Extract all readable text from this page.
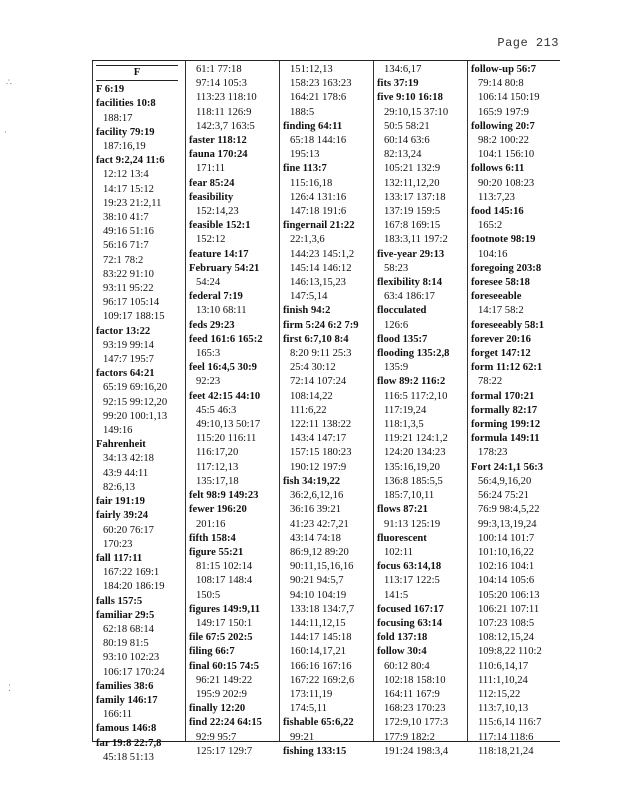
Page 213
∴
·
⁚
F
F 6:19
facilities 10:8
188:17
facility 79:19
187:16,19
fact 9:2,24 11:6
12:12 13:4
14:17 15:12
19:23 21:2,11
38:10 41:7
49:16 51:16
56:16 71:7
72:1 78:2
83:22 91:10
93:11 95:22
96:17 105:14
109:17 188:15
factor 13:22
93:19 99:14
147:7 195:7
factors 64:21
65:19 69:16,20
92:15 99:12,20
99:20 100:1,13
149:16
Fahrenheit
34:13 42:18
43:9 44:11
82:6,13
fair 191:19
fairly 39:24
60:20 76:17
170:23
fall 117:11
167:22 169:1
184:20 186:19
falls 157:5
familiar 29:5
62:18 68:14
80:19 81:5
93:10 102:23
106:17 170:24
families 38:6
family 146:17
166:11
famous 146:8
far 19:8 22:7,8
45:18 51:13
61:1 77:18
97:14 105:3
113:23 118:10
118:11 126:9
142:3,7 163:5
faster 118:12
fauna 170:24
171:11
fear 85:24
feasibility
152:14,23
feasible 152:1
152:12
feature 14:17
February 54:21
54:24
federal 7:19
13:10 68:11
feds 29:23
feed 161:6 165:2
165:3
feel 16:4,5 30:9
92:23
feet 42:15 44:10
45:5 46:3
49:10,13 50:17
115:20 116:11
116:17,20
117:12,13
135:17,18
felt 98:9 149:23
fewer 196:20
201:16
fifth 158:4
figure 55:21
81:15 102:14
108:17 148:4
150:5
figures 149:9,11
149:17 150:1
file 67:5 202:5
filing 66:7
final 60:15 74:5
96:21 149:22
195:9 202:9
finally 12:20
find 22:24 64:15
92:9 95:7
125:17 129:7
151:12,13
158:23 163:23
164:21 178:6
188:5
finding 64:11
65:18 144:16
195:13
fine 113:7
115:16,18
126:4 131:16
147:18 191:6
fingernail 21:22
22:1,3,6
144:23 145:1,2
145:14 146:12
146:13,15,23
147:5,14
finish 94:2
firm 5:24 6:2 7:9
first 6:7,10 8:4
8:20 9:11 25:3
25:4 30:12
72:14 107:24
108:14,22
111:6,22
122:11 138:22
143:4 147:17
157:15 180:23
190:12 197:9
fish 34:19,22
36:2,6,12,16
36:16 39:21
41:23 42:7,21
43:14 74:18
86:9,12 89:20
90:11,15,16,16
90:21 94:5,7
94:10 104:19
133:18 134:7,7
144:11,12,15
144:17 145:18
160:14,17,21
166:16 167:16
167:22 169:2,6
173:11,19
174:5,11
fishable 65:6,22
99:21
fishing 133:15
134:6,17
fits 37:19
five 9:10 16:18
29:10,15 37:10
50:5 58:21
60:14 63:6
82:13,24
105:21 132:9
132:11,12,20
133:17 137:18
137:19 159:5
167:8 169:15
183:3,11 197:2
five-year 29:13
58:23
flexibility 8:14
63:4 186:17
flocculated
126:6
flood 135:7
flooding 135:2,8
135:9
flow 89:2 116:2
116:5 117:2,10
117:19,24
118:1,3,5
119:21 124:1,2
124:20 134:23
135:16,19,20
136:8 185:5,5
185:7,10,11
flows 87:21
91:13 125:19
fluorescent
102:11
focus 63:14,18
113:17 122:5
141:5
focused 167:17
focusing 63:14
fold 137:18
follow 30:4
60:12 80:4
102:18 158:10
164:11 167:9
168:23 170:23
172:9,10 177:3
177:9 182:2
191:24 198:3,4
follow-up 56:7
79:14 80:8
106:14 150:19
165:9 197:9
following 20:7
98:2 100:22
104:1 156:10
follows 6:11
90:20 108:23
113:7,23
food 145:16
165:2
footnote 98:19
104:16
foregoing 203:8
foresee 58:18
foreseeable
14:17 58:2
foreseeably 58:1
forever 20:16
forget 147:12
form 11:12 62:1
78:22
formal 170:21
formally 82:17
forming 199:12
formula 149:11
178:23
Fort 24:1,1 56:3
56:4,9,16,20
56:24 75:21
76:9 98:4,5,22
99:3,13,19,24
100:14 101:7
101:10,16,22
102:16 104:1
104:14 105:6
105:20 106:13
106:21 107:11
107:23 108:5
108:12,15,24
109:8,22 110:2
110:6,14,17
111:1,10,24
112:15,22
113:7,10,13
115:6,14 116:7
117:14 118:6
118:18,21,24
